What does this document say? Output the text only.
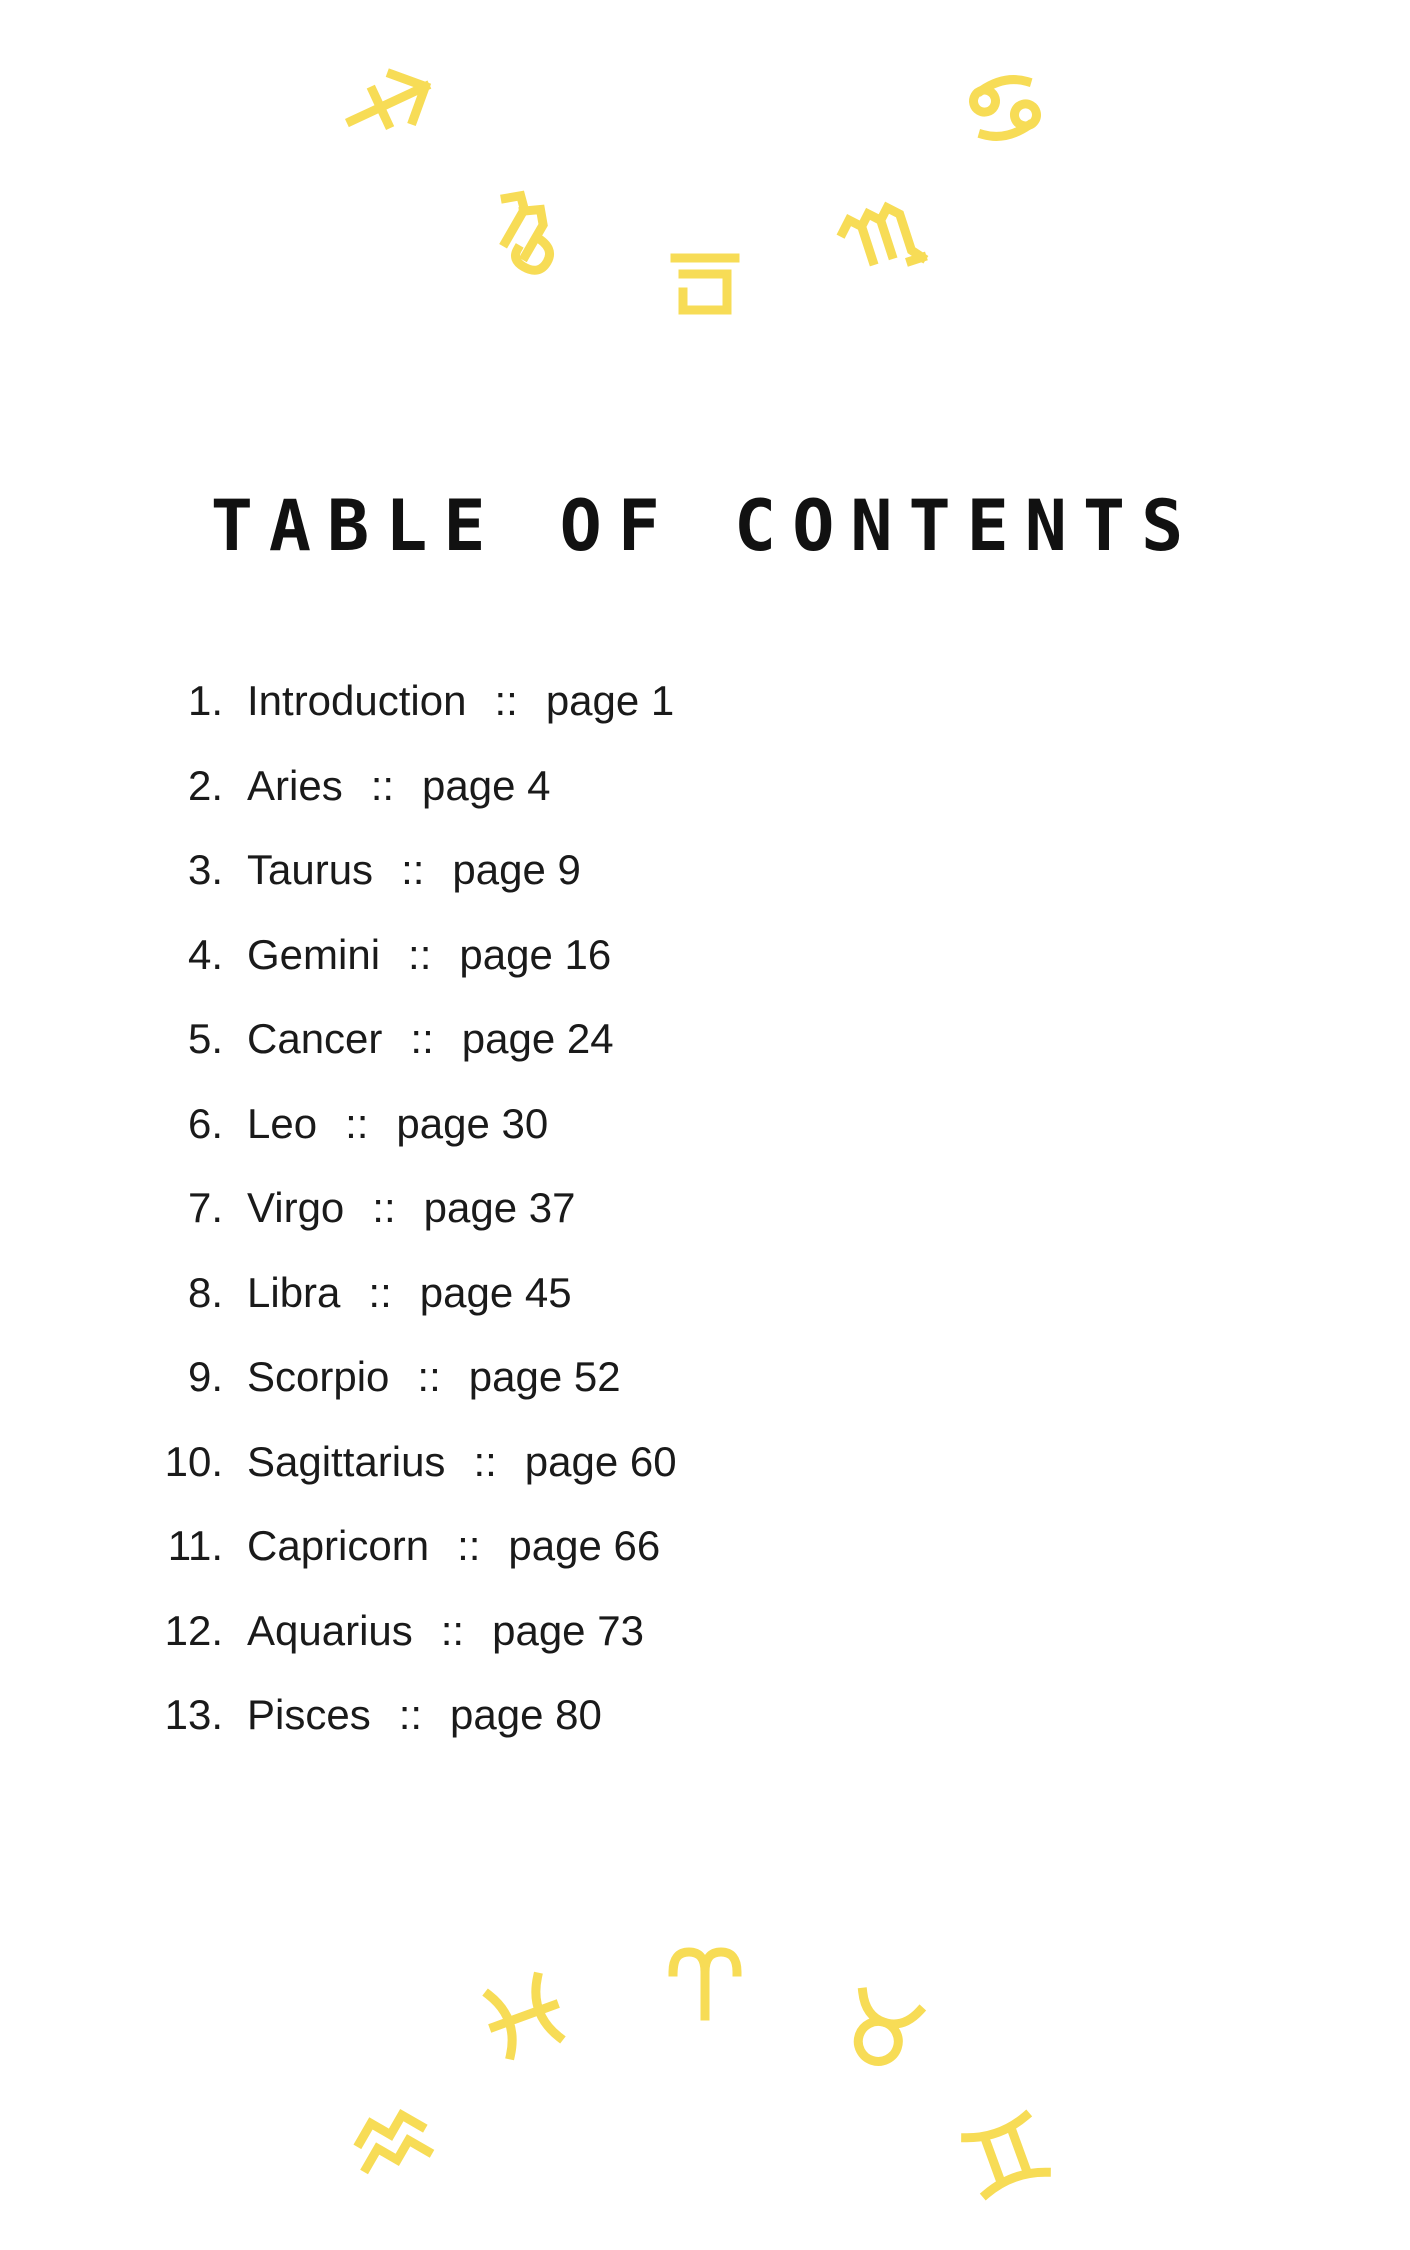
TABLE OF CONTENTS
1. Introduction :: page 1
2. Aries :: page 4
3. Taurus :: page 9
4. Gemini :: page 16
5. Cancer :: page 24
6. Leo :: page 30
7. Virgo :: page 37
8. Libra :: page 45
9. Scorpio :: page 52
10. Sagittarius :: page 60
11. Capricorn :: page 66
12. Aquarius :: page 73
13. Pisces :: page 80
